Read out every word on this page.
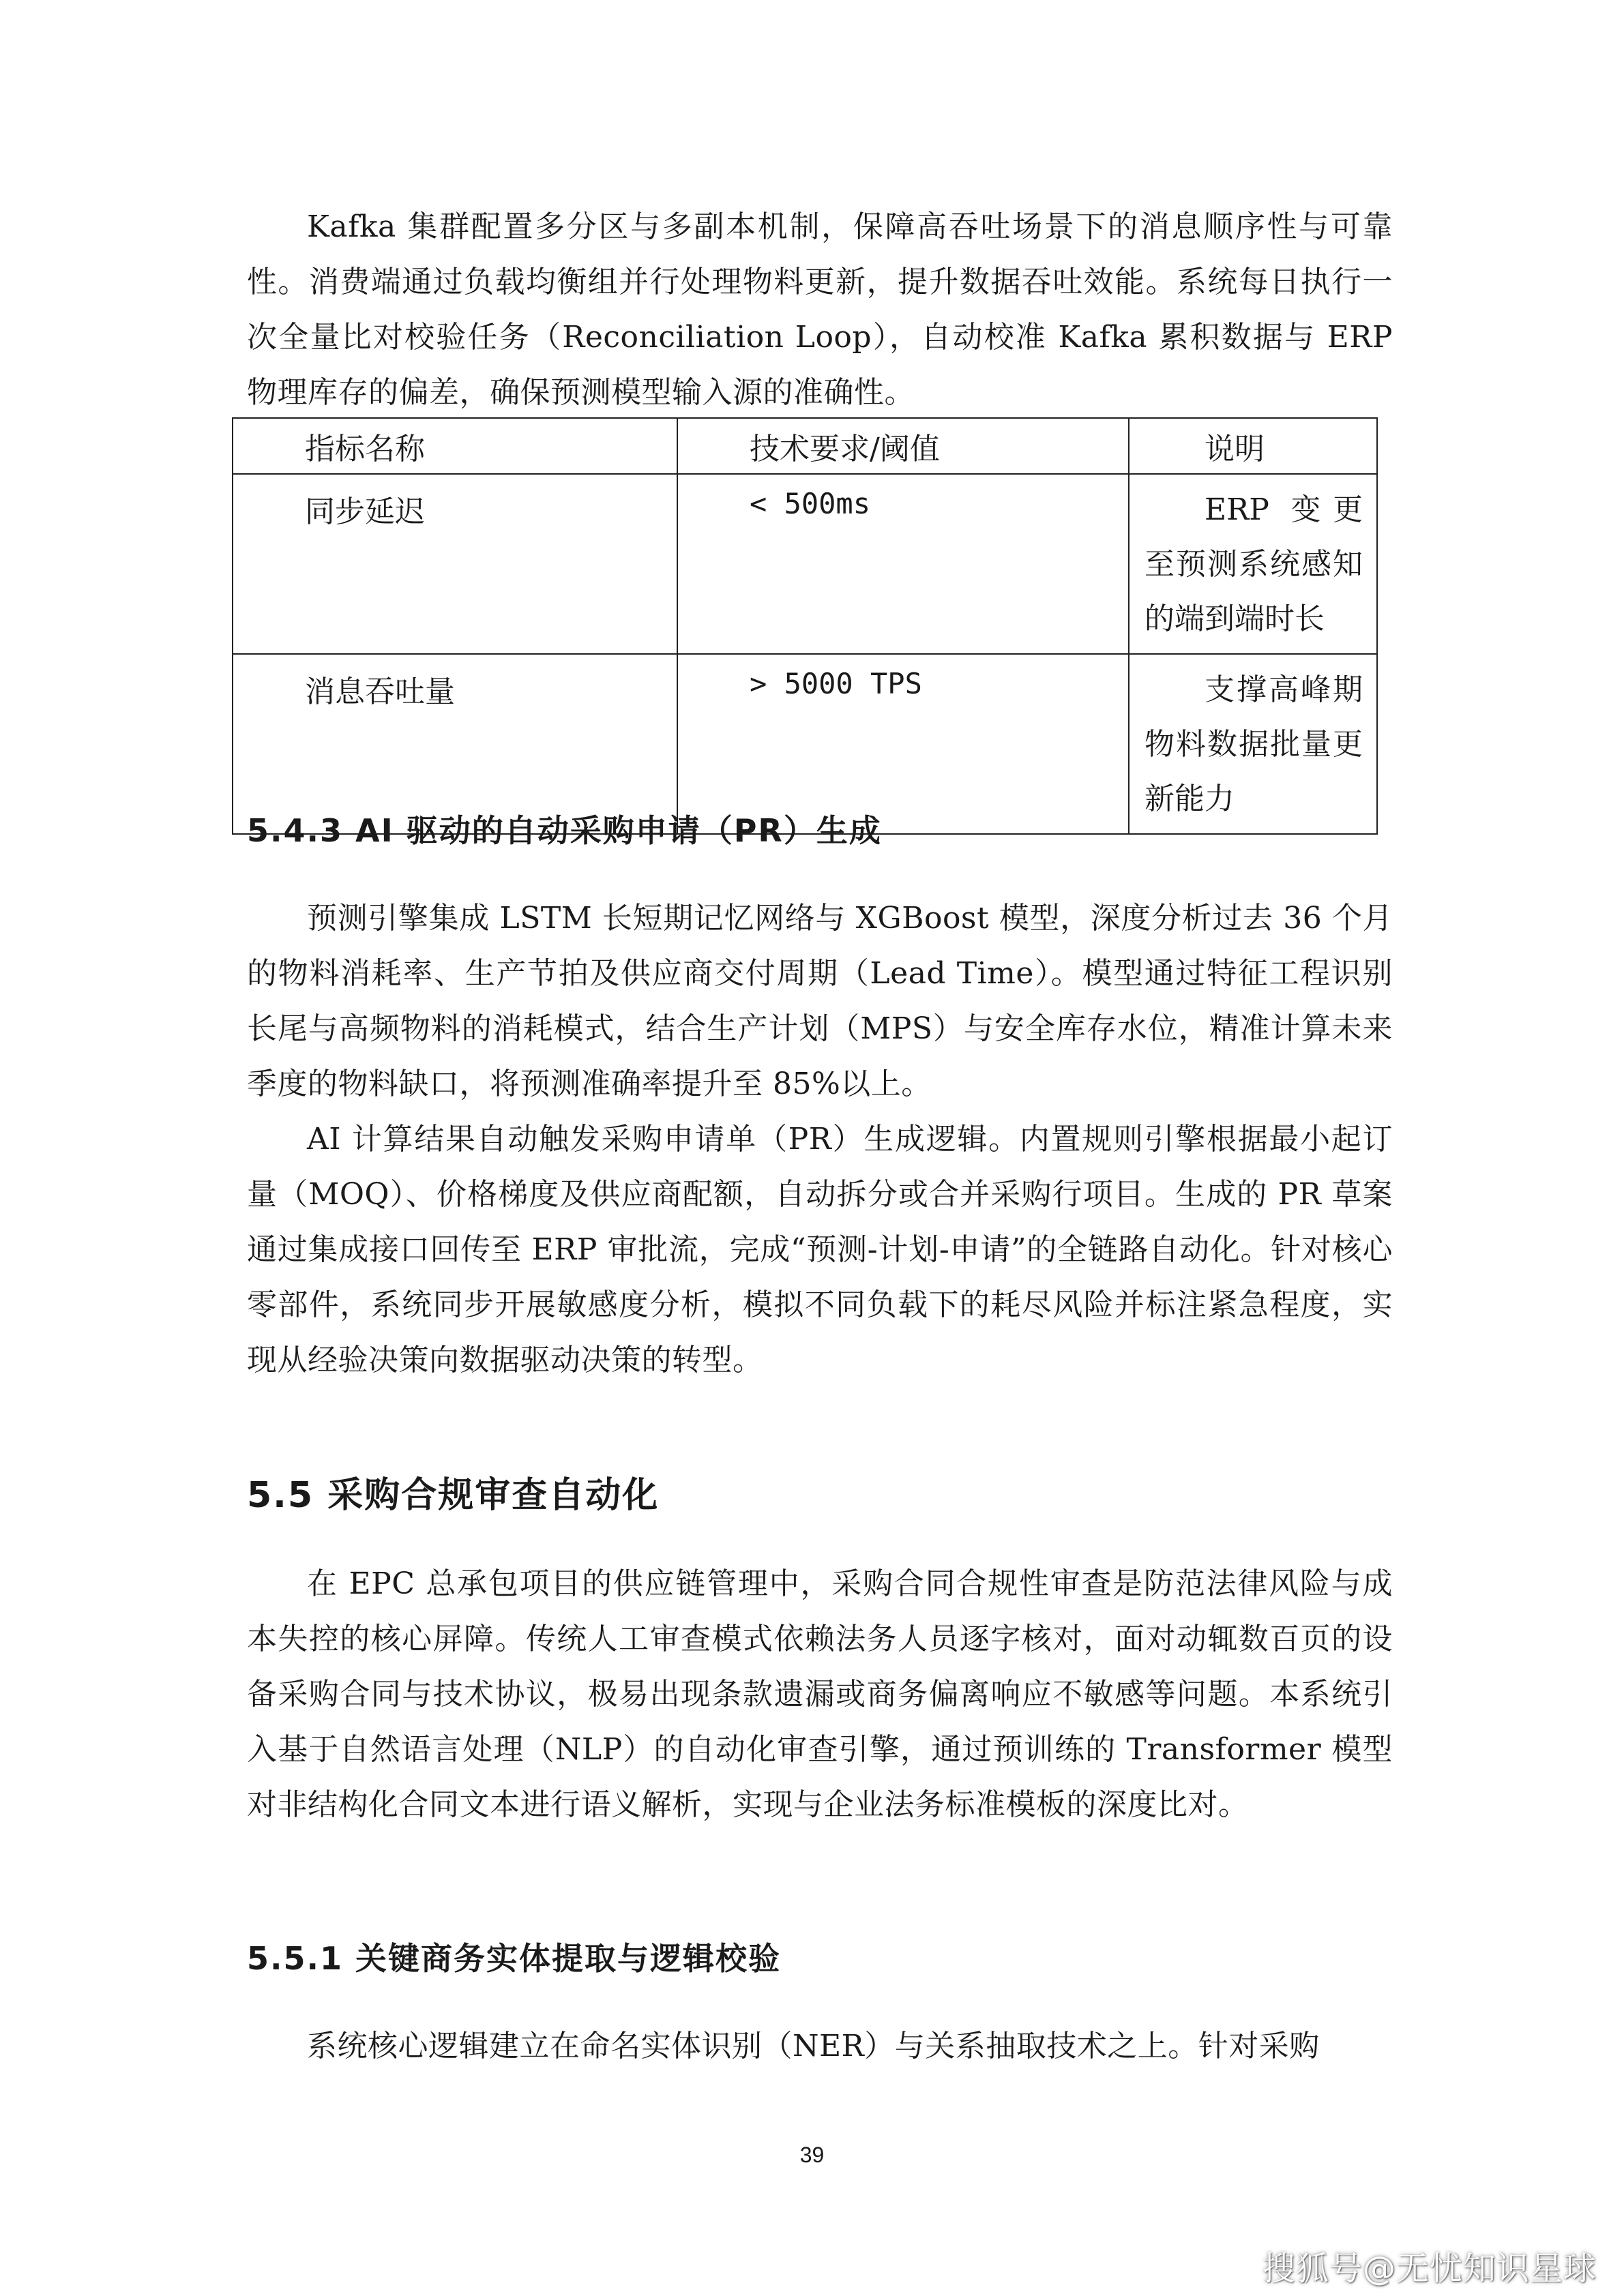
Kafka 集群配置多分区与多副本机制，保障高吞吐场景下的消息顺序性与可靠性。消费端通过负载均衡组并行处理物料更新，提升数据吞吐效能。系统每日执行一次全量比对校验任务（Reconciliation Loop），自动校准 Kafka 累积数据与 ERP 物理库存的偏差，确保预测模型输入源的准确性。

指标名称	技术要求/阈值	说明
同步延迟	< 500ms	ERP 变更至预测系统感知的端到端时长
消息吞吐量	> 5000 TPS	支撑高峰期物料数据批量更新能力
5.4.3 AI 驱动的自动采购申请（PR）生成

预测引擎集成 LSTM 长短期记忆网络与 XGBoost 模型，深度分析过去 36 个月的物料消耗率、生产节拍及供应商交付周期（Lead Time）。模型通过特征工程识别长尾与高频物料的消耗模式，结合生产计划（MPS）与安全库存水位，精准计算未来季度的物料缺口，将预测准确率提升至 85%以上。

AI 计算结果自动触发采购申请单（PR）生成逻辑。内置规则引擎根据最小起订量（MOQ）、价格梯度及供应商配额，自动拆分或合并采购行项目。生成的 PR 草案通过集成接口回传至 ERP 审批流，完成“预测-计划-申请”的全链路自动化。针对核心零部件，系统同步开展敏感度分析，模拟不同负载下的耗尽风险并标注紧急程度，实现从经验决策向数据驱动决策的转型。

5.5 采购合规审查自动化

在 EPC 总承包项目的供应链管理中，采购合同合规性审查是防范法律风险与成本失控的核心屏障。传统人工审查模式依赖法务人员逐字核对，面对动辄数百页的设备采购合同与技术协议，极易出现条款遗漏或商务偏离响应不敏感等问题。本系统引入基于自然语言处理（NLP）的自动化审查引擎，通过预训练的 Transformer 模型对非结构化合同文本进行语义解析，实现与企业法务标准模板的深度比对。

5.5.1 关键商务实体提取与逻辑校验

系统核心逻辑建立在命名实体识别（NER）与关系抽取技术之上。针对采购

39
搜狐号@无忧知识星球
